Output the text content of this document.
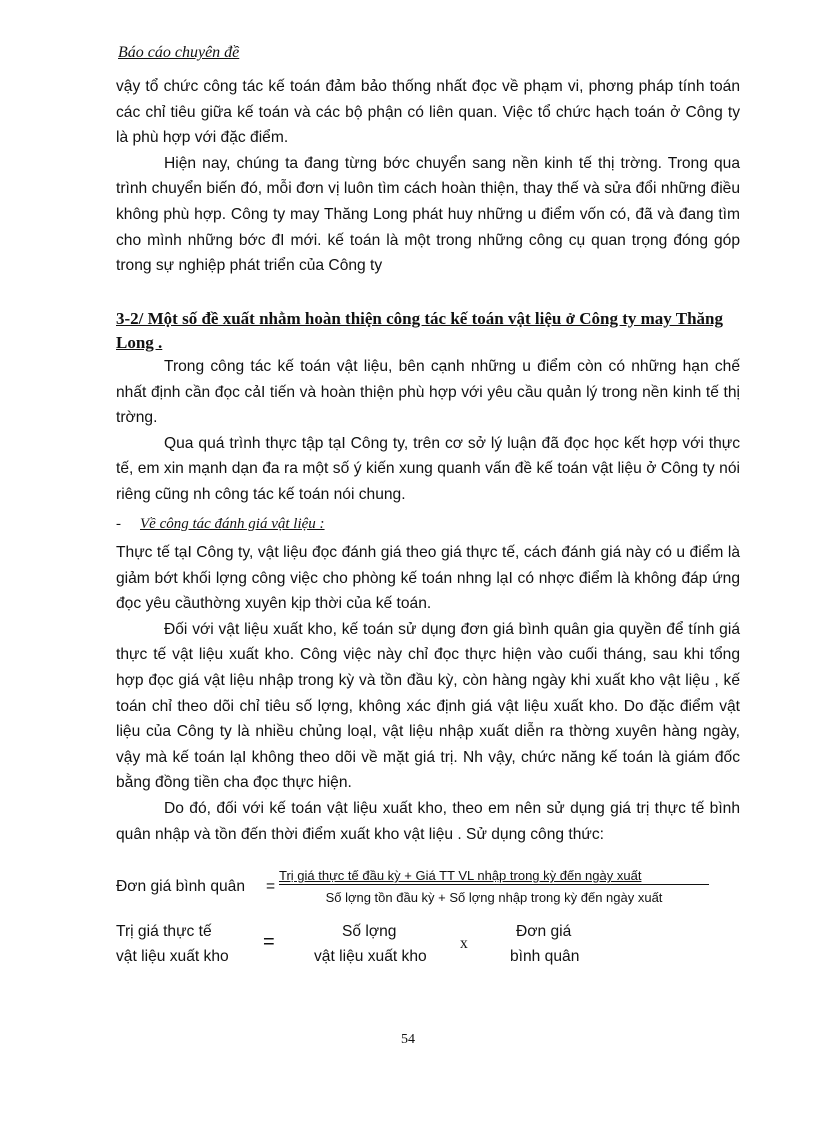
Báo cáo chuyên đề

vậy tổ chức công tác kế toán đảm bảo thống nhất đọc về phạm vi, phơng pháp tính toán các chỉ tiêu giữa kế toán và các bộ phận có liên quan. Việc tổ chức hạch toán ở Công ty là phù hợp với đặc điểm.

Hiện nay, chúng ta đang từng bớc chuyển sang nền kinh tế thị trờng. Trong qua trình chuyển biến đó, mỗi đơn vị luôn tìm cách hoàn thiện, thay thế và sửa đổi những điều không phù hợp. Công ty may Thăng Long phát huy những u điểm vốn có, đã và đang tìm cho mình những bớc đI mới. kế toán là một trong những công cụ quan trọng đóng góp trong sự nghiệp phát triển của Công ty

3-2/ Một số đề xuất nhằm hoàn thiện công tác kế toán vật liệu ở Công ty may Thăng Long .

Trong công tác kế toán vật liệu, bên cạnh những u điểm còn có những hạn chế nhất định cần đọc cảI tiến và hoàn thiện phù hợp với yêu cầu quản lý trong nền kinh tế thị trờng.

Qua quá trình thực tập tạI Công ty, trên cơ sở lý luận đã đọc học kết hợp với thực tế, em xin mạnh dạn đa ra một số ý kiến xung quanh vấn đề kế toán vật liệu ở Công ty nói riêng cũng nh công tác kế toán nói chung.

- Về công tác đánh giá vật liệu :

Thực tế tạI Công ty, vật liệu đọc đánh giá theo giá thực tế, cách đánh giá này có u điểm là giảm bớt khối lợng công việc cho phòng kế toán nhng lạI có nhợc điểm là không đáp ứng đọc yêu cầuthờng xuyên kịp thời của kế toán.

Đối với vật liệu xuất kho, kế toán sử dụng đơn giá bình quân gia quyền để tính giá thực tế vật liệu xuất kho. Công việc này chỉ đọc thực hiện vào cuối tháng, sau khi tổng hợp đọc giá vật liệu nhập trong kỳ và tồn đầu kỳ, còn hàng ngày khi xuất kho vật liệu , kế toán chỉ theo dõi chỉ tiêu số lợng, không xác định giá vật liệu xuất kho. Do đặc điểm vật liệu của Công ty là nhiều chủng loạI, vật liệu nhập xuất diễn ra thờng xuyên hàng ngày, vậy mà kế toán lạI không theo dõi về mặt giá trị. Nh vậy, chức năng kế toán là giám đốc bằng đồng tiền cha đọc thực hiện.

Do đó, đối với kế toán vật liệu xuất kho, theo em nên sử dụng giá trị thực tế bình quân nhập và tồn đến thời điểm xuất kho vật liệu . Sử dụng công thức:

Đơn giá bình quân =
Trị giá thực tế đầu kỳ + Giá TT VL nhập trong kỳ đến ngày xuất
Số lợng tồn đầu kỳ + Số lợng nhập trong kỳ đến ngày xuất
Trị giá thực tế
vật liệu xuất kho
=	Số lợng
vật liệu xuất kho
x
Đơn giá
bình quân
54
